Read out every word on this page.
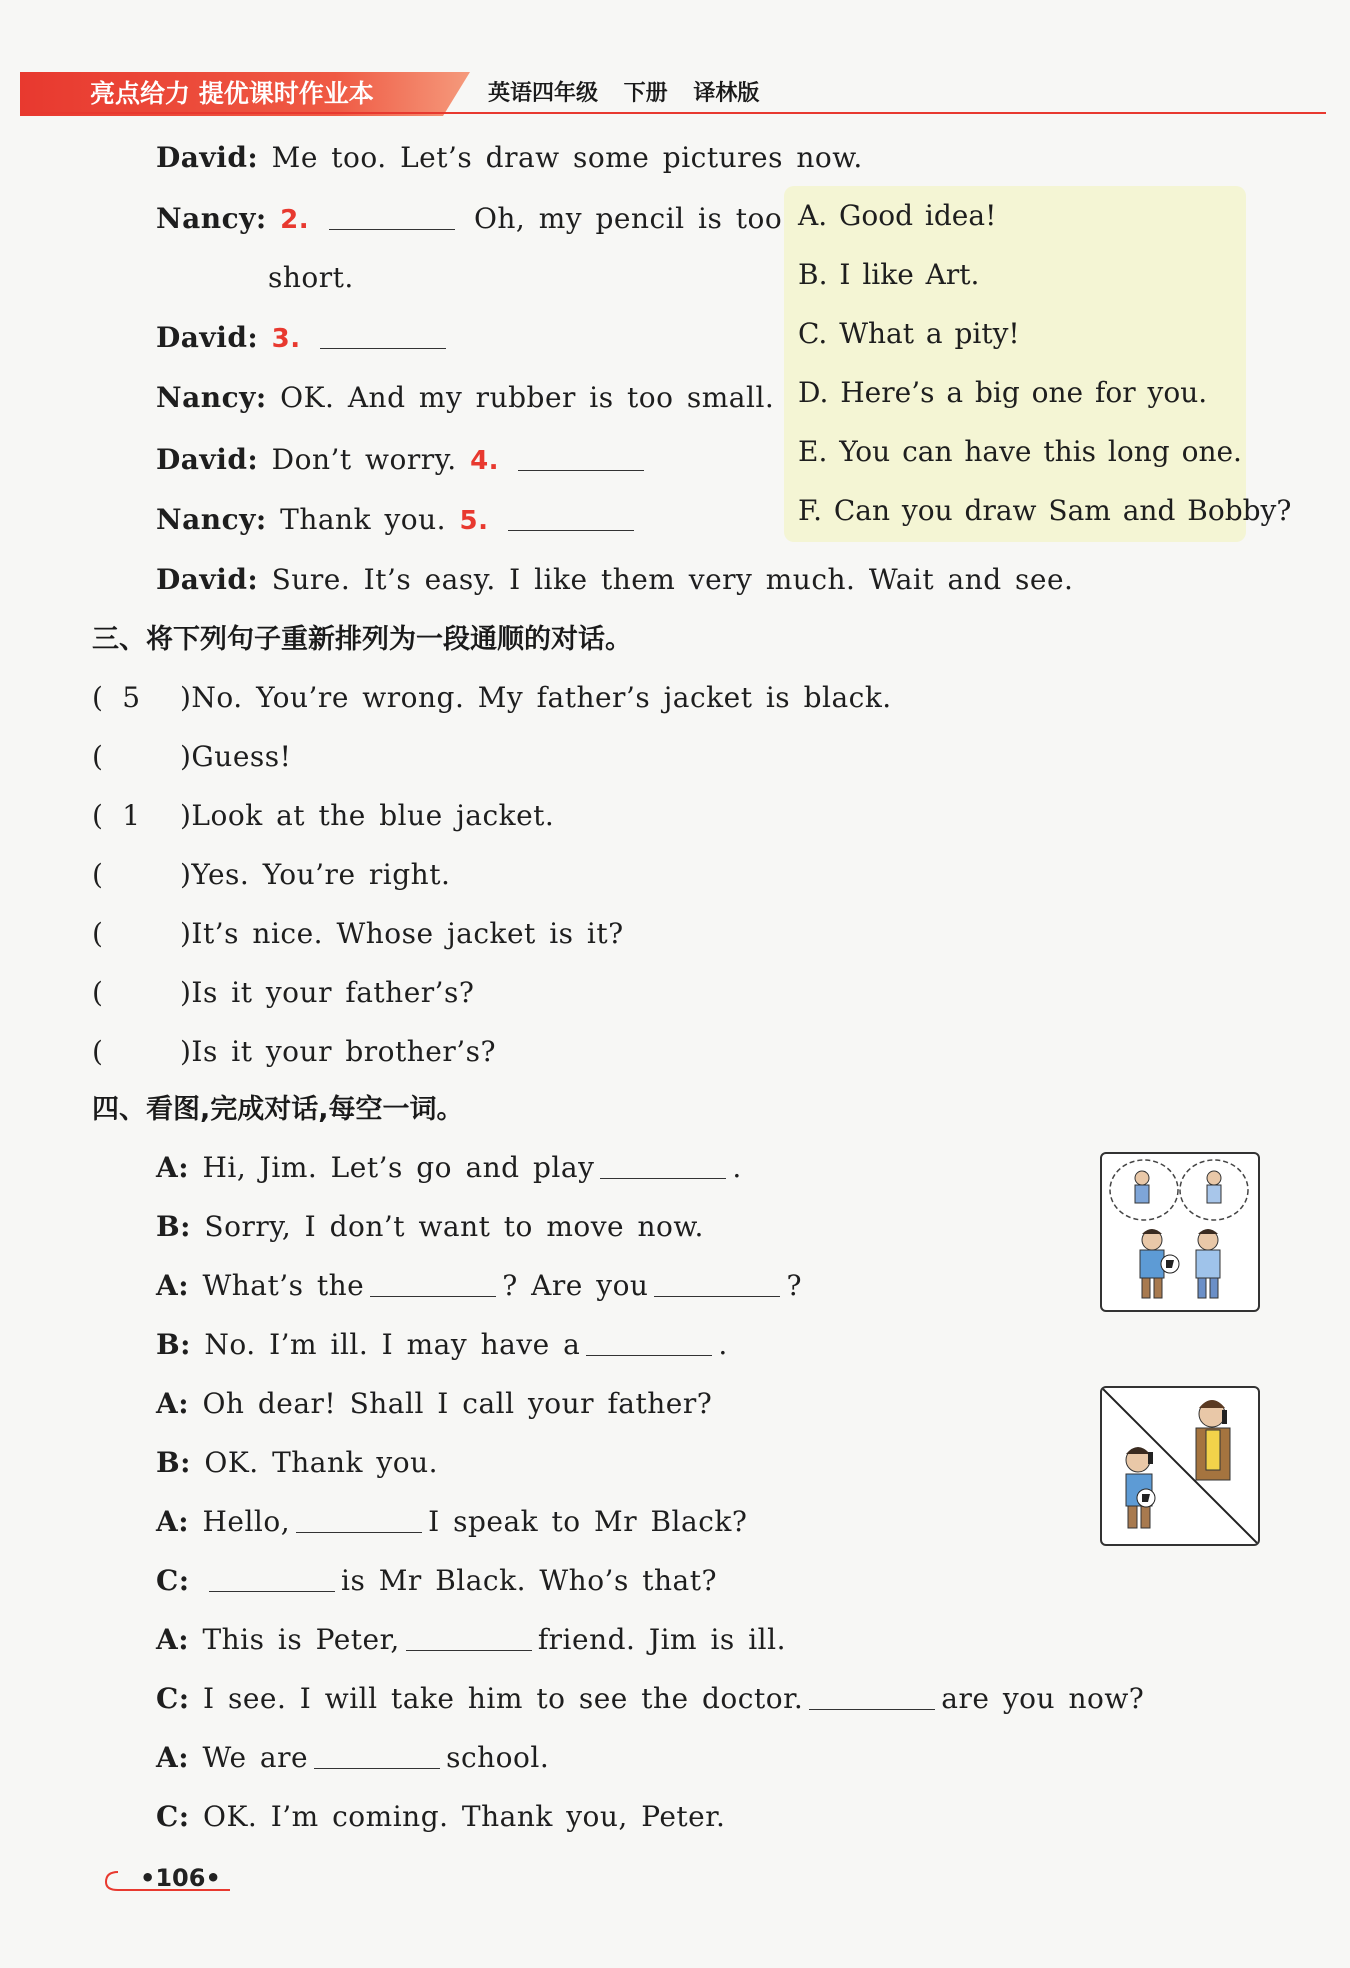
亮点给力 提优课时作业本	英语四年级 下册 译林版
David: Me too. Let’s draw some pictures now.
Nancy: 2.	Oh, my pencil is too
short.
David: 3.
Nancy: OK. And my rubber is too small.
David: Don’t worry. 4.
Nancy: Thank you. 5.
David: Sure. It’s easy. I like them very much. Wait and see.
A. Good idea!
B. I like Art.
C. What a pity!
D. Here’s a big one for you.
E. You can have this long one.
F. Can you draw Sam and Bobby?
三、将下列句子重新排列为一段通顺的对话。
( 5 )No. You’re wrong. My father’s jacket is black.
(	)Guess!
( 1 )Look at the blue jacket.
(	)Yes. You’re right.
(	)It’s nice. Whose jacket is it?
(	)Is it your father’s?
(	)Is it your brother’s?
四、看图,完成对话,每空一词。
A: Hi, Jim. Let’s go and play	.
B: Sorry, I don’t want to move now.
A: What’s the	? Are you	?
B: No. I’m ill. I may have a	.
A: Oh dear! Shall I call your father?
B: OK. Thank you.
A: Hello,	I speak to Mr Black?
C:	is Mr Black. Who’s that?
A: This is Peter,	friend. Jim is ill.
C: I see. I will take him to see the doctor.	are you now?
A: We are	school.
C: OK. I’m coming. Thank you, Peter.
•106•
